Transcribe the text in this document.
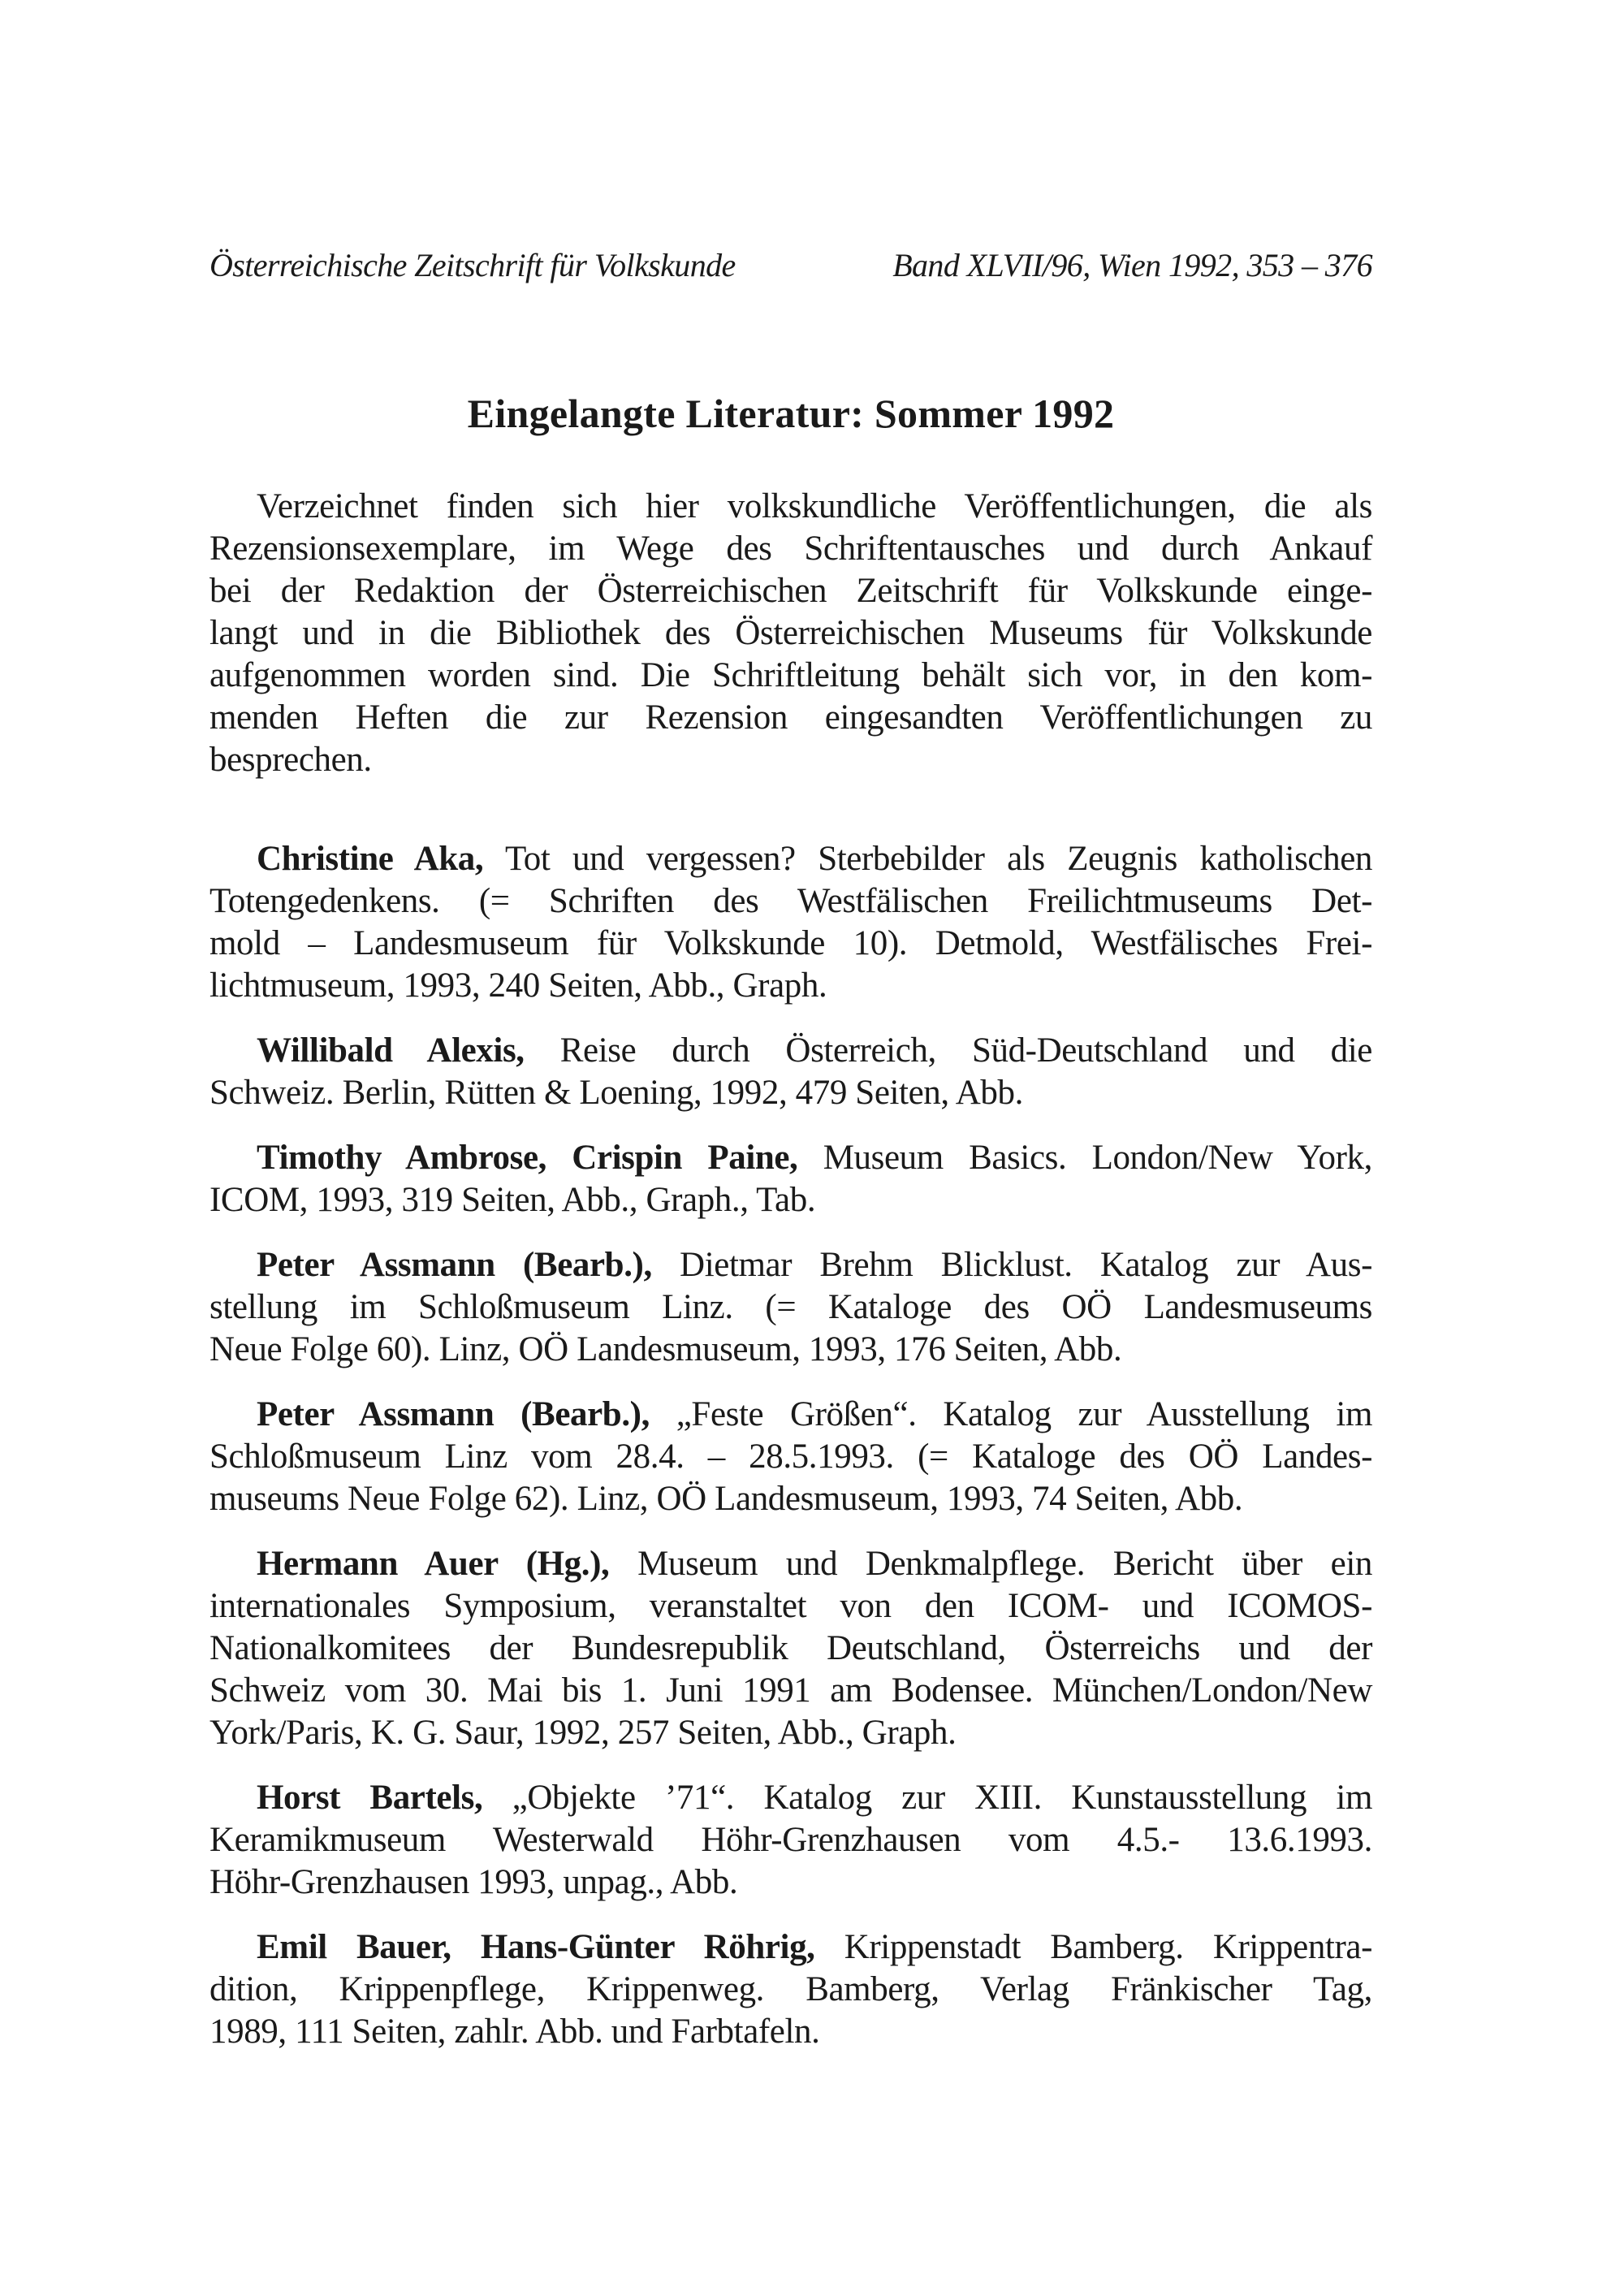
Österreichische Zeitschrift für Volkskunde	Band XLVII/96, Wien 1992, 353 – 376
Eingelangte Literatur: Sommer 1992
Verzeichnet finden sich hier volkskundliche Veröffentlichungen, die als
Rezensionsexemplare, im Wege des Schriftentausches und durch Ankauf
bei der Redaktion der Österreichischen Zeitschrift für Volkskunde einge-
langt und in die Bibliothek des Österreichischen Museums für Volkskunde
aufgenommen worden sind. Die Schriftleitung behält sich vor, in den kom-
menden Heften die zur Rezension eingesandten Veröffentlichungen zu
besprechen.
Christine Aka, Tot und vergessen? Sterbebilder als Zeugnis katholischen
Totengedenkens. (= Schriften des Westfälischen Freilichtmuseums Det-
mold – Landesmuseum für Volkskunde 10). Detmold, Westfälisches Frei-
lichtmuseum, 1993, 240 Seiten, Abb., Graph.
Willibald Alexis, Reise durch Österreich, Süd-Deutschland und die
Schweiz. Berlin, Rütten & Loening, 1992, 479 Seiten, Abb.
Timothy Ambrose, Crispin Paine, Museum Basics. London/New York,
ICOM, 1993, 319 Seiten, Abb., Graph., Tab.
Peter Assmann (Bearb.), Dietmar Brehm Blicklust. Katalog zur Aus-
stellung im Schloßmuseum Linz. (= Kataloge des OÖ Landesmuseums
Neue Folge 60). Linz, OÖ Landesmuseum, 1993, 176 Seiten, Abb.
Peter Assmann (Bearb.), „Feste Größen“. Katalog zur Ausstellung im
Schloßmuseum Linz vom 28.4. – 28.5.1993. (= Kataloge des OÖ Landes-
museums Neue Folge 62). Linz, OÖ Landesmuseum, 1993, 74 Seiten, Abb.
Hermann Auer (Hg.), Museum und Denkmalpflege. Bericht über ein
internationales Symposium, veranstaltet von den ICOM- und ICOMOS-
Nationalkomitees der Bundesrepublik Deutschland, Österreichs und der
Schweiz vom 30. Mai bis 1. Juni 1991 am Bodensee. München/London/New
York/Paris, K. G. Saur, 1992, 257 Seiten, Abb., Graph.
Horst Bartels, „Objekte ’71“. Katalog zur XIII. Kunstausstellung im
Keramikmuseum Westerwald Höhr-Grenzhausen vom 4.5.- 13.6.1993.
Höhr-Grenzhausen 1993, unpag., Abb.
Emil Bauer, Hans-Günter Röhrig, Krippenstadt Bamberg. Krippentra-
dition, Krippenpflege, Krippenweg. Bamberg, Verlag Fränkischer Tag,
1989, 111 Seiten, zahlr. Abb. und Farbtafeln.
